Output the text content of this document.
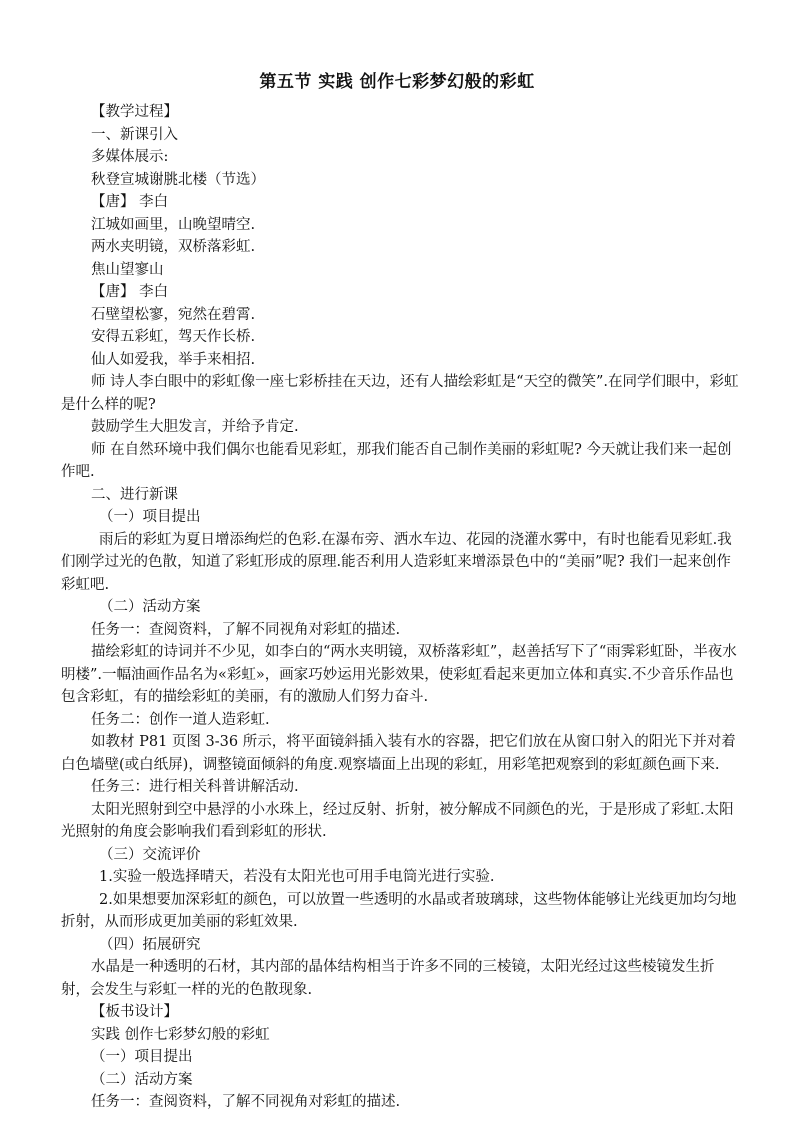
第五节 实践 创作七彩梦幻般的彩虹

【教学过程】

一、新课引入

多媒体展示:

秋登宣城谢朓北楼（节选）

【唐】 李白

江城如画里，山晚望晴空.

两水夹明镜，双桥落彩虹.

焦山望寥山

【唐】 李白

石壁望松寥，宛然在碧霄.

安得五彩虹，驾天作长桥.

仙人如爱我，举手来相招.

师 诗人李白眼中的彩虹像一座七彩桥挂在天边，还有人描绘彩虹是“天空的微笑”.在同学们眼中，彩虹是什么样的呢?

鼓励学生大胆发言，并给予肯定.

师 在自然环境中我们偶尔也能看见彩虹，那我们能否自己制作美丽的彩虹呢? 今天就让我们来一起创作吧.

二、进行新课

（一）项目提出

雨后的彩虹为夏日增添绚烂的色彩.在瀑布旁、洒水车边、花园的浇灌水雾中，有时也能看见彩虹.我们刚学过光的色散，知道了彩虹形成的原理.能否利用人造彩虹来增添景色中的“美丽”呢? 我们一起来创作彩虹吧.

（二）活动方案

任务一：查阅资料，了解不同视角对彩虹的描述.

描绘彩虹的诗词并不少见，如李白的“两水夹明镜，双桥落彩虹”，赵善括写下了“雨霁彩虹卧，半夜水明楼”.一幅油画作品名为«彩虹»，画家巧妙运用光影效果，使彩虹看起来更加立体和真实.不少音乐作品也包含彩虹，有的描绘彩虹的美丽，有的激励人们努力奋斗.

任务二：创作一道人造彩虹.

如教材 P81 页图 3-36 所示，将平面镜斜插入装有水的容器，把它们放在从窗口射入的阳光下并对着白色墙壁(或白纸屏)，调整镜面倾斜的角度.观察墙面上出现的彩虹，用彩笔把观察到的彩虹颜色画下来.

任务三：进行相关科普讲解活动.

太阳光照射到空中悬浮的小水珠上，经过反射、折射，被分解成不同颜色的光，于是形成了彩虹.太阳光照射的角度会影响我们看到彩虹的形状.

（三）交流评价

1.实验一般选择晴天，若没有太阳光也可用手电筒光进行实验.

2.如果想要加深彩虹的颜色，可以放置一些透明的水晶或者玻璃球，这些物体能够让光线更加均匀地折射，从而形成更加美丽的彩虹效果.

（四）拓展研究

水晶是一种透明的石材，其内部的晶体结构相当于许多不同的三棱镜，太阳光经过这些棱镜发生折射，会发生与彩虹一样的光的色散现象.

【板书设计】

实践 创作七彩梦幻般的彩虹

（一）项目提出

（二）活动方案

任务一：查阅资料，了解不同视角对彩虹的描述.
